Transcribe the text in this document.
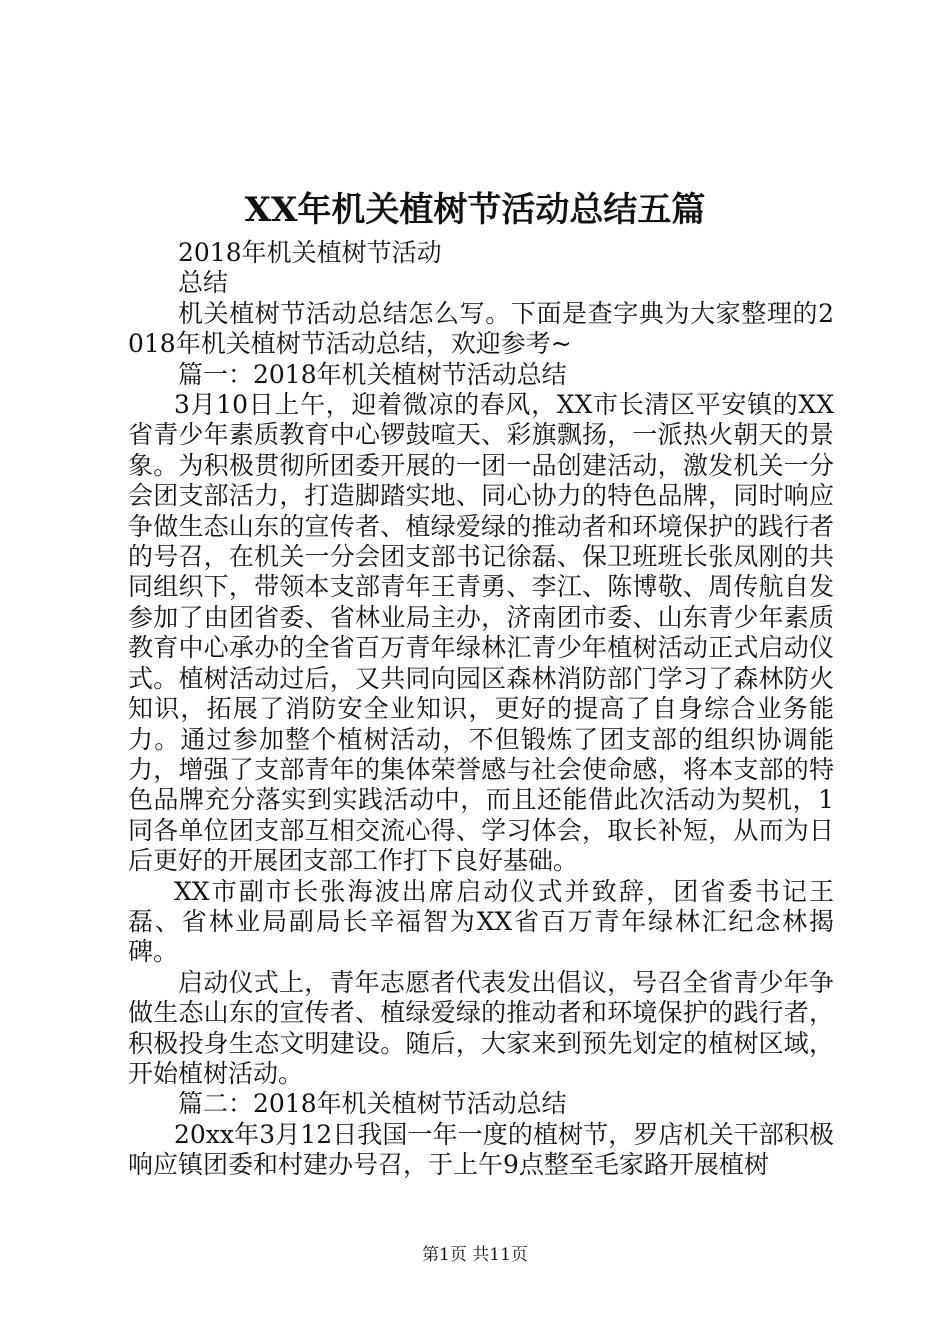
XX年机关植树节活动总结五篇

2018年机关植树节活动

总结

机关植树节活动总结怎么写。下面是查字典为大家整理的2018年机关植树节活动总结，欢迎参考~

篇一：2018年机关植树节活动总结

3月10日上午，迎着微凉的春风，XX市长清区平安镇的XX省青少年素质教育中心锣鼓喧天、彩旗飘扬，一派热火朝天的景象。为积极贯彻所团委开展的一团一品创建活动，激发机关一分会团支部活力，打造脚踏实地、同心协力的特色品牌，同时响应争做生态山东的宣传者、植绿爱绿的推动者和环境保护的践行者的号召，在机关一分会团支部书记徐磊、保卫班班长张凤刚的共同组织下，带领本支部青年王青勇、李江、陈博敬、周传航自发参加了由团省委、省林业局主办，济南团市委、山东青少年素质教育中心承办的全省百万青年绿林汇青少年植树活动正式启动仪式。植树活动过后，又共同向园区森林消防部门学习了森林防火知识，拓展了消防安全业知识，更好的提高了自身综合业务能力。通过参加整个植树活动，不但锻炼了团支部的组织协调能力，增强了支部青年的集体荣誉感与社会使命感，将本支部的特色品牌充分落实到实践活动中，而且还能借此次活动为契机，1同各单位团支部互相交流心得、学习体会，取长补短，从而为日后更好的开展团支部工作打下良好基础。

XX市副市长张海波出席启动仪式并致辞，团省委书记王磊、省林业局副局长辛福智为XX省百万青年绿林汇纪念林揭碑。

启动仪式上，青年志愿者代表发出倡议，号召全省青少年争做生态山东的宣传者、植绿爱绿的推动者和环境保护的践行者，积极投身生态文明建设。随后，大家来到预先划定的植树区域，开始植树活动。

篇二：2018年机关植树节活动总结

20xx年3月12日我国一年一度的植树节，罗店机关干部积极响应镇团委和村建办号召，于上午9点整至毛家路开展植树

第1页 共11页
